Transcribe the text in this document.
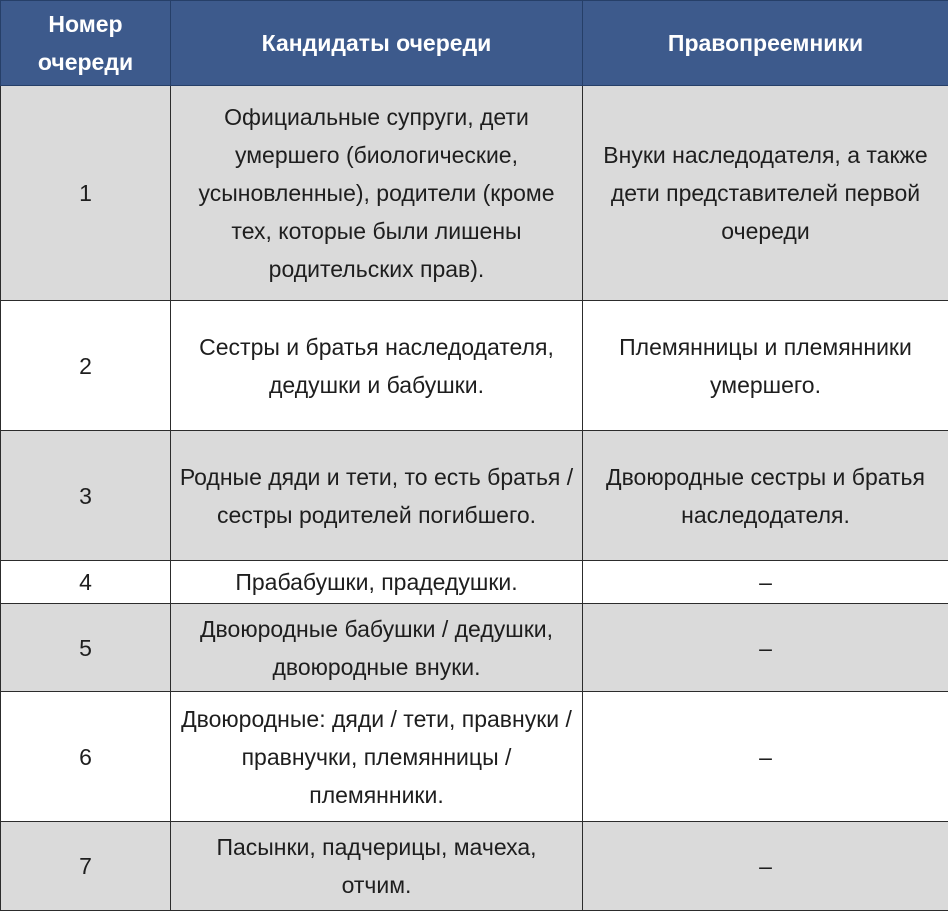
Номер очереди	Кандидаты очереди	Правопреемники
1	Официальные супруги, дети умершего (биологические, усыновленные), родители (кроме тех, которые были лишены родительских прав).	Внуки наследодателя, а также дети представителей первой очереди
2	Сестры и братья наследодателя, дедушки и бабушки.	Племянницы и племянники умершего.
3	Родные дяди и тети, то есть братья / сестры родителей погибшего.	Двоюродные сестры и братья наследодателя.
4	Прабабушки, прадедушки.	–
5	Двоюродные бабушки / дедушки, двоюродные внуки.	–
6	Двоюродные: дяди / тети, правнуки / правнучки, племянницы / племянники.	–
7	Пасынки, падчерицы, мачеха, отчим.	–
